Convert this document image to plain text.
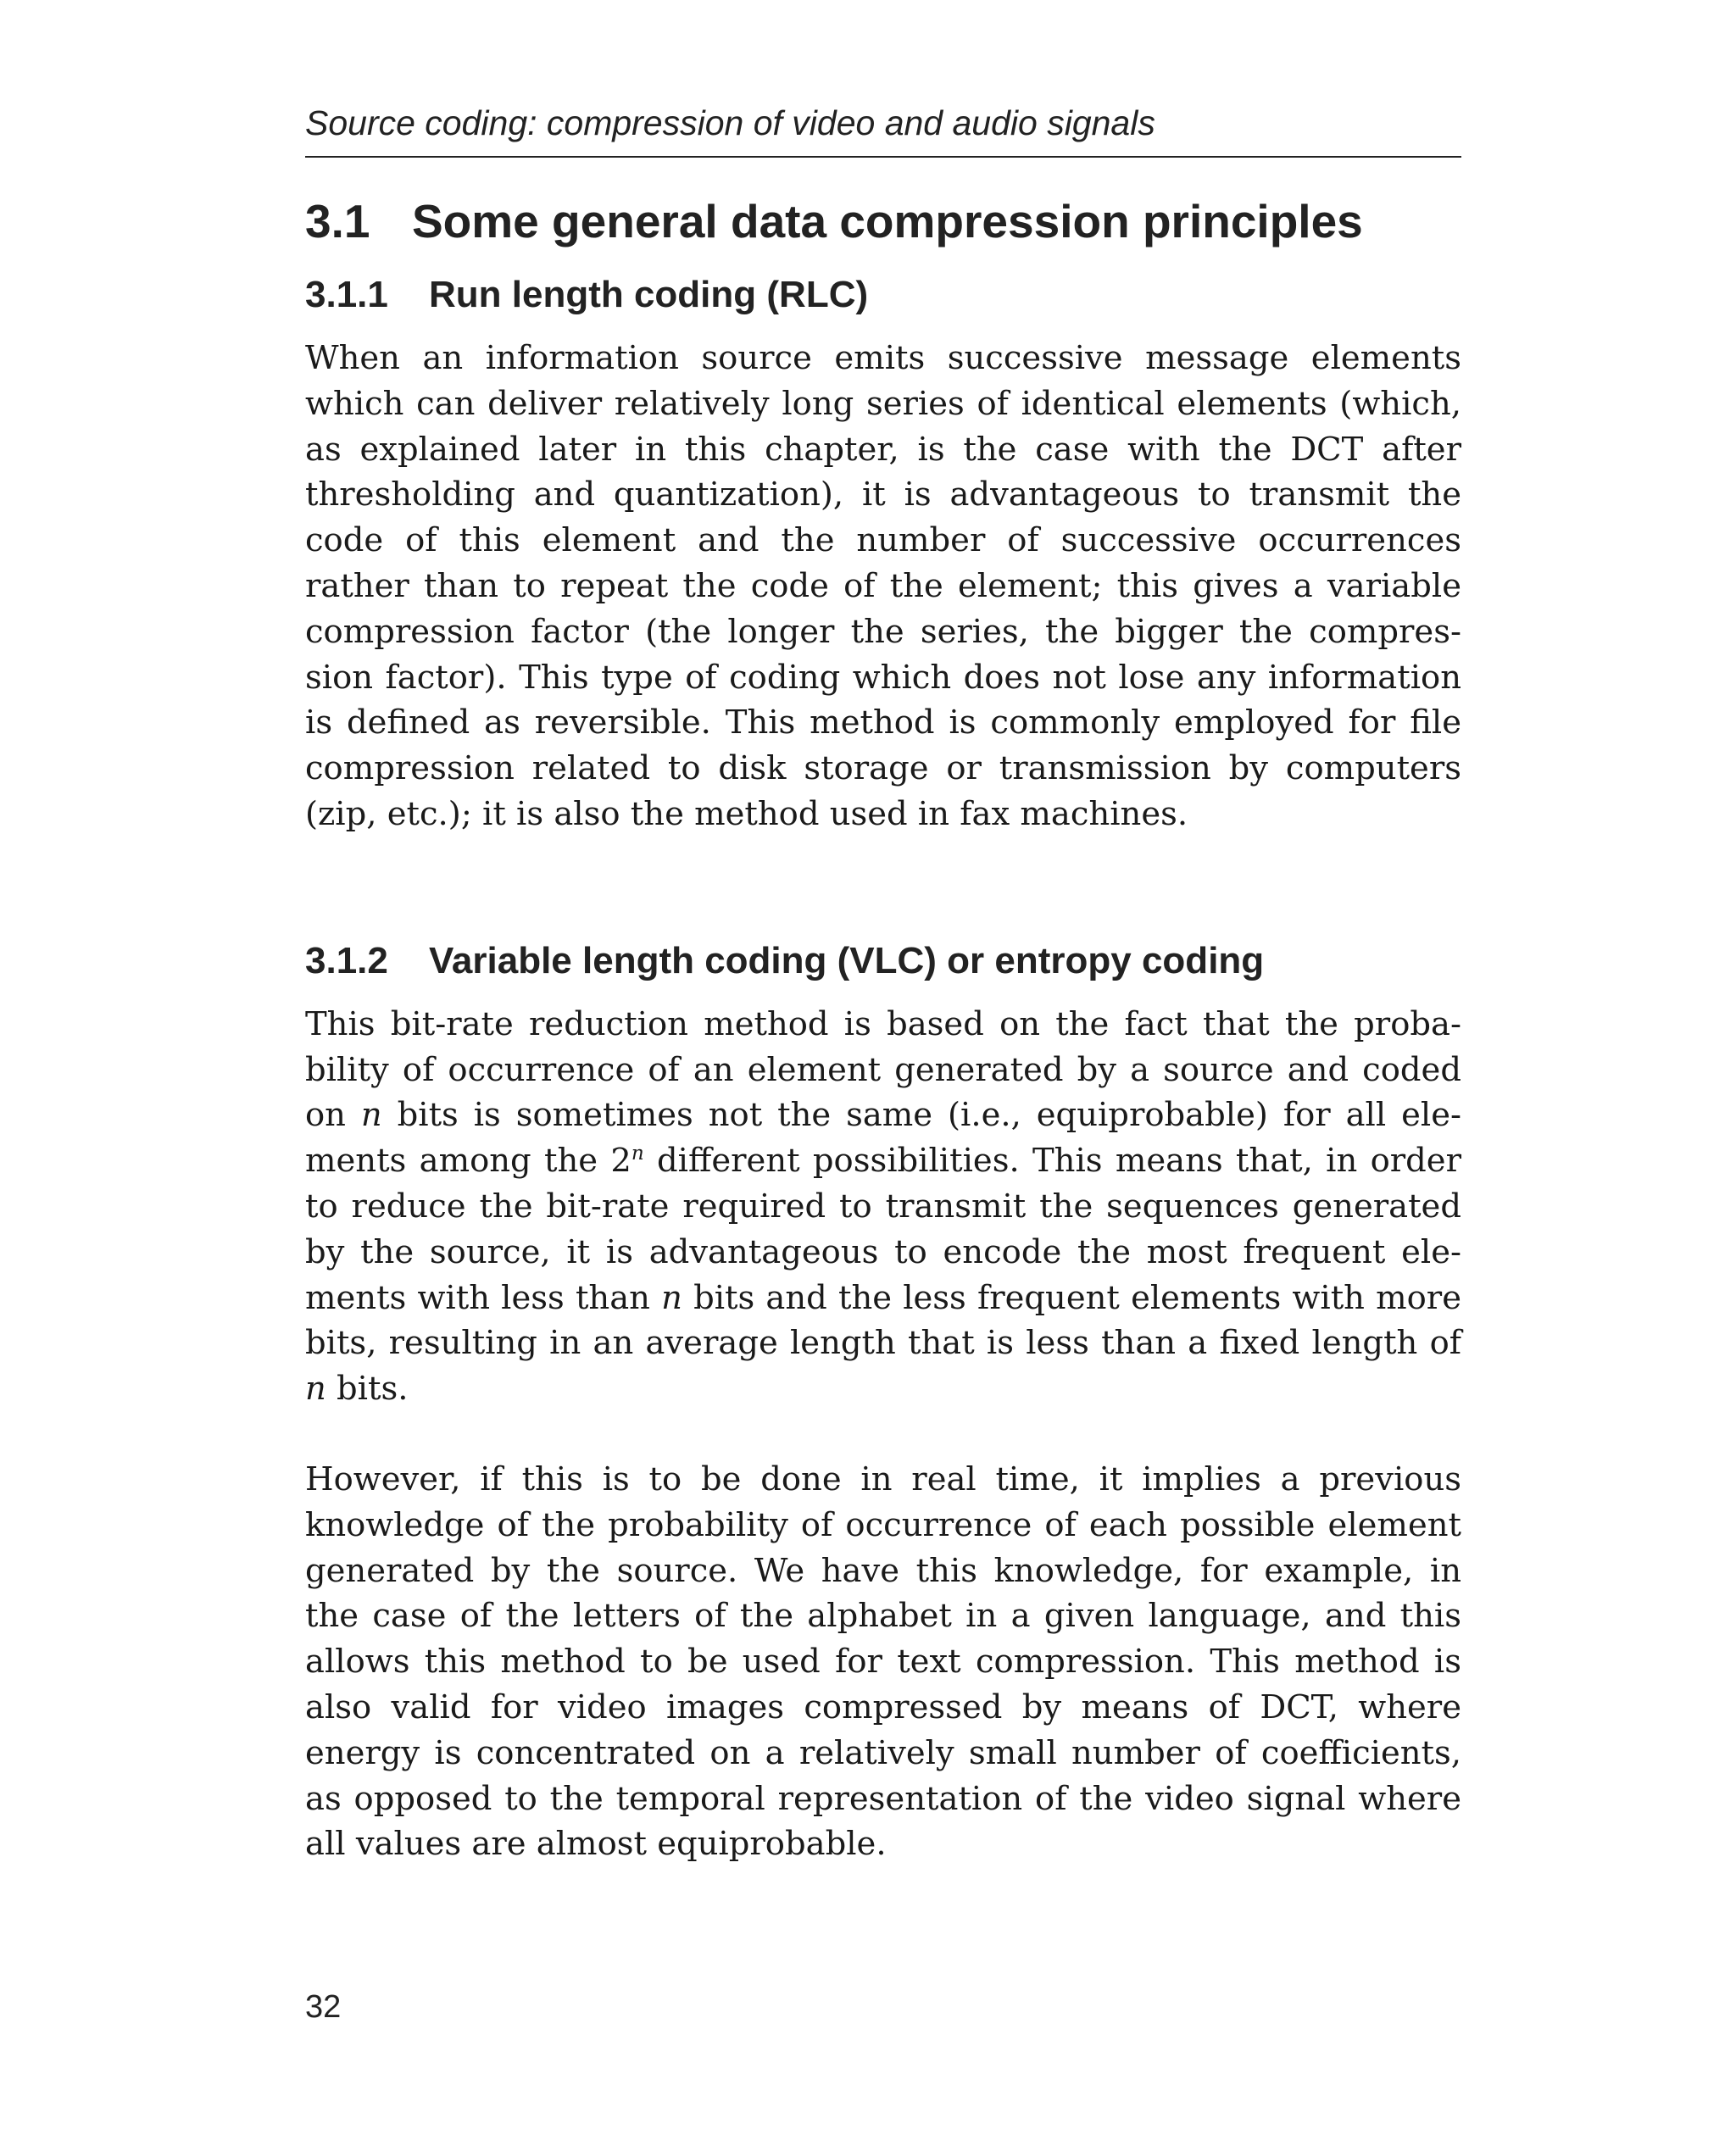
Source coding: compression of video and audio signals
3.1 Some general data compression principles
3.1.1 Run length coding (RLC)

When an information source emits successive message elements which can deliver relatively long series of identical elements (which, as explained later in this chapter, is the case with the DCT after thresholding and quantization), it is advantageous to transmit the code of this element and the number of successive occurrences rather than to repeat the code of the element; this gives a variable compression factor (the longer the series, the bigger the compression factor). This type of coding which does not lose any information is defined as reversible. This method is commonly employed for file compression related to disk storage or transmission by computers (zip, etc.); it is also the method used in fax machines.

3.1.2 Variable length coding (VLC) or entropy coding

This bit-rate reduction method is based on the fact that the probability of occurrence of an element generated by a source and coded on n bits is sometimes not the same (i.e., equiprobable) for all elements among the 2$^n$ different possibilities. This means that, in order to reduce the bit-rate required to transmit the sequences generated by the source, it is advantageous to encode the most frequent elements with less than n bits and the less frequent elements with more bits, resulting in an average length that is less than a fixed length of n bits.

However, if this is to be done in real time, it implies a previous knowledge of the probability of occurrence of each possible element generated by the source. We have this knowledge, for example, in the case of the letters of the alphabet in a given language, and this allows this method to be used for text compression. This method is also valid for video images compressed by means of DCT, where energy is concentrated on a relatively small number of coefficients, as opposed to the temporal representation of the video signal where all values are almost equiprobable.

32
